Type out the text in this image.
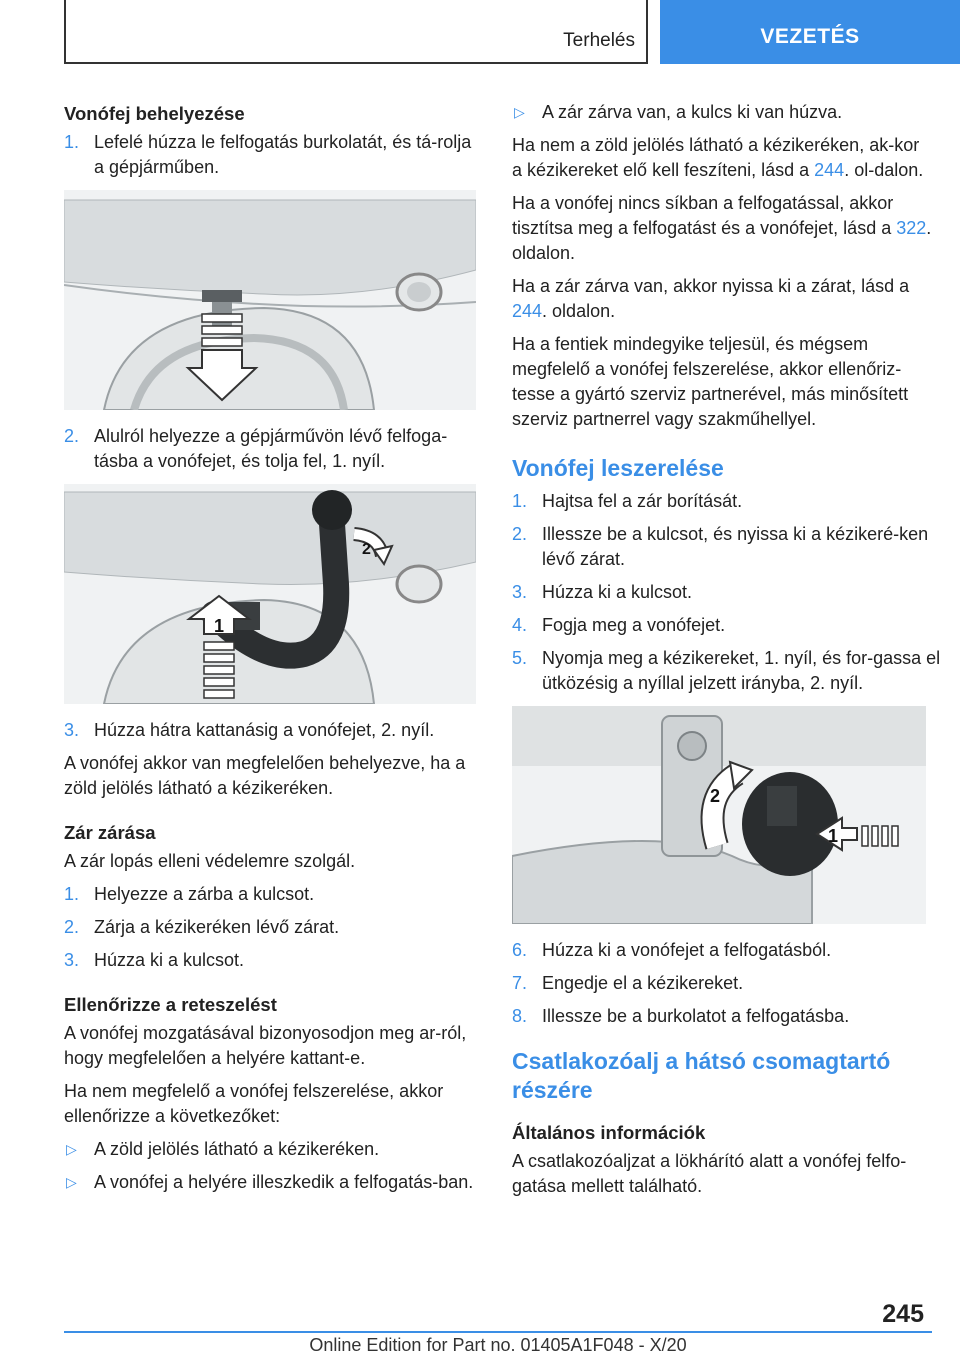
Terhelés	VEZETÉS
Vonófej behelyezése
1. Lefelé húzza le felfogatás burkolatát, és tá-rolja a gépjárműben.
2. Alulról helyezze a gépjárművön lévő felfoga-tásba a vonófejet, és tolja fel, 1. nyíl.
2
1
3. Húzza hátra kattanásig a vonófejet, 2. nyíl.

A vonófej akkor van megfelelően behelyezve, ha a zöld jelölés látható a kézikeréken.

Zár zárása

A zár lopás elleni védelemre szolgál.

1. Helyezze a zárba a kulcsot.
2. Zárja a kézikeréken lévő zárat.
3. Húzza ki a kulcsot.
Ellenőrizze a reteszelést

A vonófej mozgatásával bizonyosodjon meg ar-ról, hogy megfelelően a helyére kattant-e.

Ha nem megfelelő a vonófej felszerelése, akkor ellenőrizze a következőket:

▷ A zöld jelölés látható a kézikeréken.
▷ A vonófej a helyére illeszkedik a felfogatás-ban.
▷ A zár zárva van, a kulcs ki van húzva.

Ha nem a zöld jelölés látható a kézikeréken, ak-kor a kézikereket elő kell feszíteni, lásd a 244. ol-dalon.

Ha a vonófej nincs síkban a felfogatással, akkor tisztítsa meg a felfogatást és a vonófejet, lásd a 322. oldalon.

Ha a zár zárva van, akkor nyissa ki a zárat, lásd a 244. oldalon.

Ha a fentiek mindegyike teljesül, és mégsem megfelelő a vonófej felszerelése, akkor ellenőriz-tesse a gyártó szerviz partnerével, más minősített szerviz partnerrel vagy szakműhellyel.

Vonófej leszerelése
1. Hajtsa fel a zár borítását.
2. Illessze be a kulcsot, és nyissa ki a kézikeré-ken lévő zárat.
3. Húzza ki a kulcsot.
4. Fogja meg a vonófejet.
5. Nyomja meg a kézikereket, 1. nyíl, és for-gassa el ütközésig a nyíllal jelzett irányba, 2. nyíl.
2
1
6. Húzza ki a vonófejet a felfogatásból.
7. Engedje el a kézikereket.
8. Illessze be a burkolatot a felfogatásba.
Csatlakozóalj a hátsó csomagtartó részére
Általános információk

A csatlakozóaljzat a lökhárító alatt a vonófej felfo-gatása mellett található.

245
Online Edition for Part no. 01405A1F048 - X/20
